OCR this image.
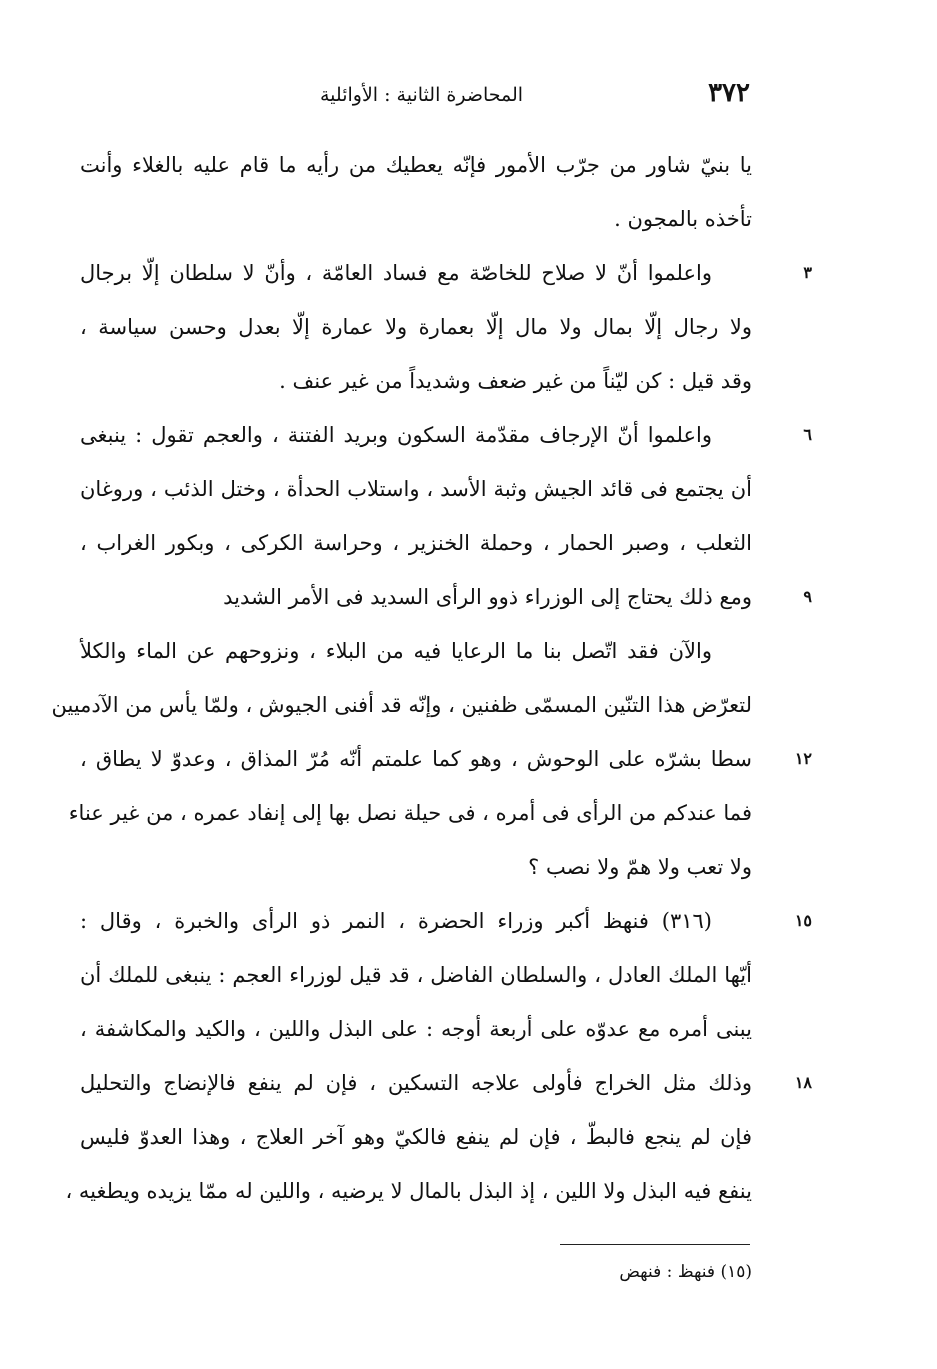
٣٧٢
المحاضرة الثانية : الأوائلية
يا بنيّ شاور من جرّب الأمور فإنّه يعطيك من رأيه ما قام عليه بالغلاء وأنت
تأخذه بالمجون .
واعلموا أنّ لا صلاح للخاصّة مع فساد العامّة ، وأنّ لا سلطان إلّا برجال	٣
ولا رجال إلّا بمال ولا مال إلّا بعمارة ولا عمارة إلّا بعدل وحسن سياسة ،
وقد قيل : كن ليّناً من غير ضعف وشديداً من غير عنف .
واعلموا أنّ الإرجاف مقدّمة السكون وبريد الفتنة ، والعجم تقول : ينبغى	٦
أن يجتمع فى قائد الجيش وثبة الأسد ، واستلاب الحدأة ، وختل الذئب ، وروغان
الثعلب ، وصبر الحمار ، وحملة الخنزير ، وحراسة الكركى ، وبكور الغراب ،
ومع ذلك يحتاج إلى الوزراء ذوو الرأى السديد فى الأمر الشديد	٩
والآن فقد اتّصل بنا ما الرعايا فيه من البلاء ، ونزوحهم عن الماء والكلأ
لتعرّض هذا التنّين المسمّى ظفنين ، وإنّه قد أفنى الجيوش ، ولمّا يأس من الآدميين
سطا بشرّه على الوحوش ، وهو كما علمتم أنّه مُرّ المذاق ، وعدوّ لا يطاق ،	١٢
فما عندكم من الرأى فى أمره ، فى حيلة نصل بها إلى إنفاد عمره ، من غير عناء
ولا تعب ولا همّ ولا نصب ؟
(٣١٦) فنهظ أكبر وزراء الحضرة ، النمر ذو الرأى والخبرة ، وقال :	١٥
أيّها الملك العادل ، والسلطان الفاضل ، قد قيل لوزراء العجم : ينبغى للملك أن
يبنى أمره مع عدوّه على أربعة أوجه : على البذل واللين ، والكيد والمكاشفة ،
وذلك مثل الخراج فأولى علاجه التسكين ، فإن لم ينفع فالإنضاج والتحليل	١٨
فإن لم ينجع فالبطّ ، فإن لم ينفع فالكيّ وهو آخر العلاج ، وهذا العدوّ فليس
ينفع فيه البذل ولا اللين ، إذ البذل بالمال لا يرضيه ، واللين له ممّا يزيده ويطغيه ،
(١٥) فنهظ : فنهض
